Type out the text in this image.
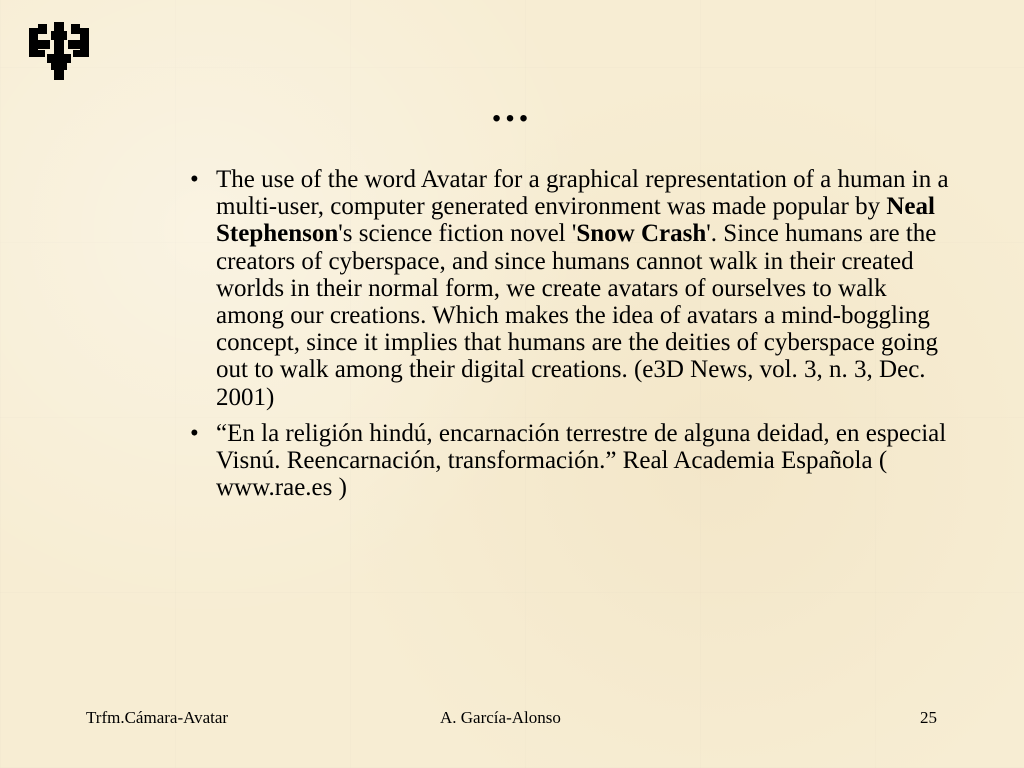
…
• The use of the word Avatar for a graphical representation of a human in a multi-user, computer generated environment was made popular by Neal Stephenson's science fiction novel 'Snow Crash'. Since humans are the creators of cyberspace, and since humans cannot walk in their created worlds in their normal form, we create avatars of ourselves to walk among our creations. Which makes the idea of avatars a mind-boggling concept, since it implies that humans are the deities of cyberspace going out to walk among their digital creations. (e3D News, vol. 3, n. 3, Dec. 2001)
• “En la religión hindú, encarnación terrestre de alguna deidad, en especial Visnú. Reencarnación, transformación.” Real Academia Española ( www.rae.es )
Trfm.Cámara-Avatar	A. García-Alonso	25
